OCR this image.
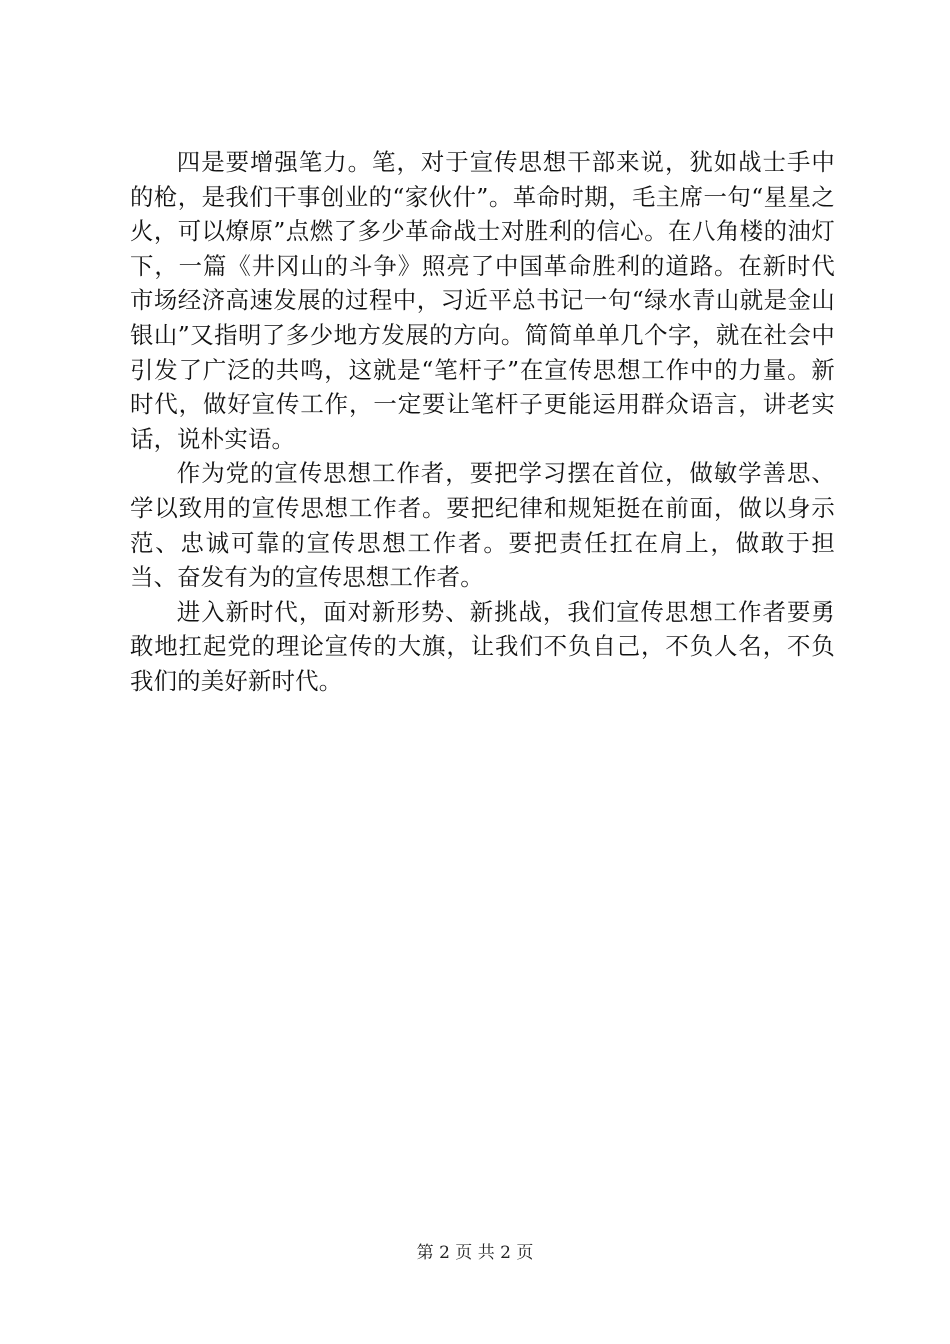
四是要增强笔力。笔，对于宣传思想干部来说，犹如战士手中的枪，是我们干事创业的“家伙什”。革命时期，毛主席一句“星星之火，可以燎原”点燃了多少革命战士对胜利的信心。在八角楼的油灯下，一篇《井冈山的斗争》照亮了中国革命胜利的道路。在新时代市场经济高速发展的过程中，习近平总书记一句“绿水青山就是金山银山”又指明了多少地方发展的方向。简简单单几个字，就在社会中引发了广泛的共鸣，这就是“笔杆子”在宣传思想工作中的力量。新时代，做好宣传工作，一定要让笔杆子更能运用群众语言，讲老实话，说朴实语。

作为党的宣传思想工作者，要把学习摆在首位，做敏学善思、学以致用的宣传思想工作者。要把纪律和规矩挺在前面，做以身示范、忠诚可靠的宣传思想工作者。要把责任扛在肩上，做敢于担当、奋发有为的宣传思想工作者。

进入新时代，面对新形势、新挑战，我们宣传思想工作者要勇敢地扛起党的理论宣传的大旗，让我们不负自己，不负人名，不负我们的美好新时代。

第 2 页 共 2 页
